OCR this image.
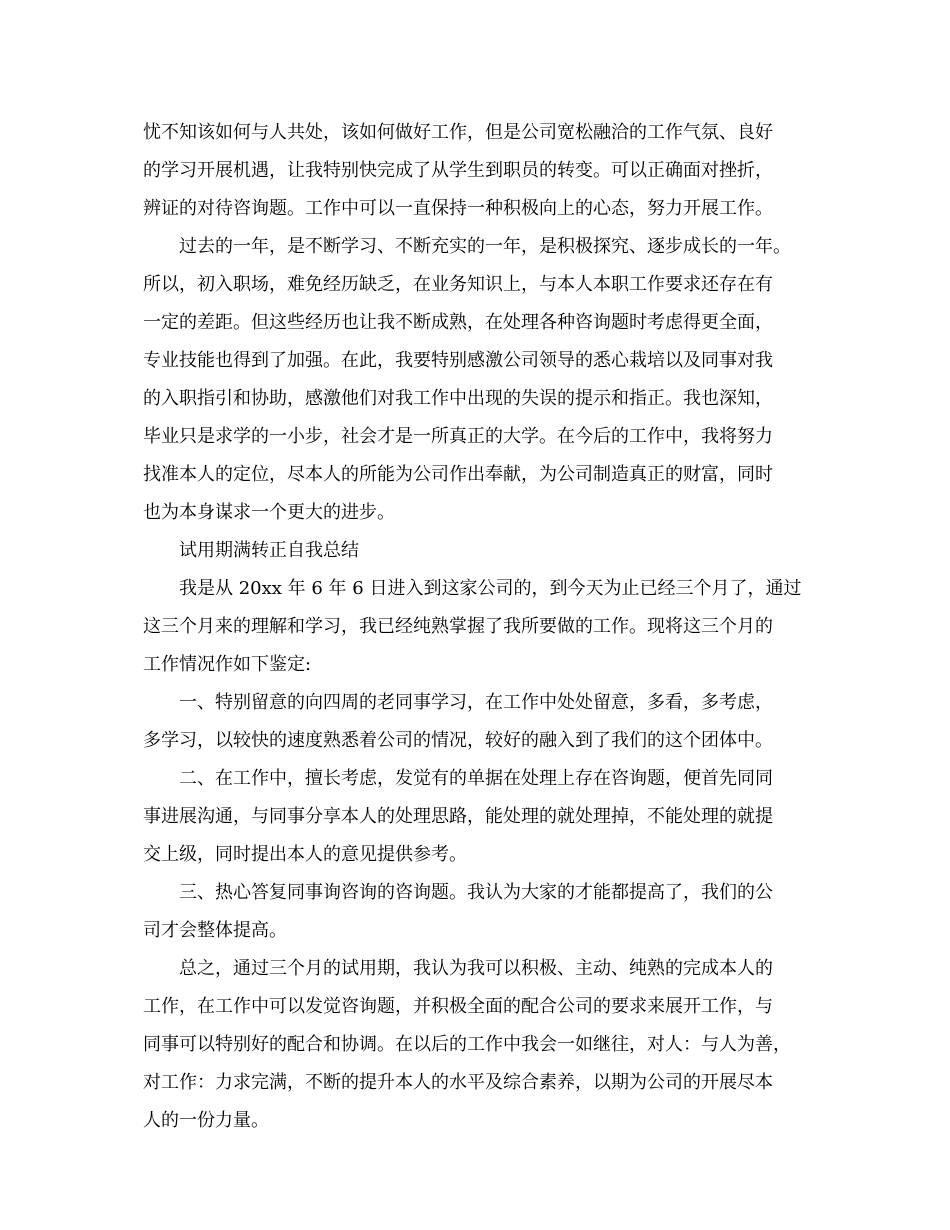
忧不知该如何与人共处，该如何做好工作，但是公司宽松融洽的工作气氛、良好
的学习开展机遇，让我特别快完成了从学生到职员的转变。可以正确面对挫折，
辨证的对待咨询题。工作中可以一直保持一种积极向上的心态，努力开展工作。
过去的一年，是不断学习、不断充实的一年，是积极探究、逐步成长的一年。
所以，初入职场，难免经历缺乏，在业务知识上，与本人本职工作要求还存在有
一定的差距。但这些经历也让我不断成熟，在处理各种咨询题时考虑得更全面，
专业技能也得到了加强。在此，我要特别感激公司领导的悉心栽培以及同事对我
的入职指引和协助，感激他们对我工作中出现的失误的提示和指正。我也深知，
毕业只是求学的一小步，社会才是一所真正的大学。在今后的工作中，我将努力
找准本人的定位，尽本人的所能为公司作出奉献，为公司制造真正的财富，同时
也为本身谋求一个更大的进步。
试用期满转正自我总结
我是从 20xx 年 6 年 6 日进入到这家公司的，到今天为止已经三个月了，通过
这三个月来的理解和学习，我已经纯熟掌握了我所要做的工作。现将这三个月的
工作情况作如下鉴定:
一、特别留意的向四周的老同事学习，在工作中处处留意，多看，多考虑，
多学习，以较快的速度熟悉着公司的情况，较好的融入到了我们的这个团体中。
二、在工作中，擅长考虑，发觉有的单据在处理上存在咨询题，便首先同同
事进展沟通，与同事分享本人的处理思路，能处理的就处理掉，不能处理的就提
交上级，同时提出本人的意见提供参考。
三、热心答复同事询咨询的咨询题。我认为大家的才能都提高了，我们的公
司才会整体提高。
总之，通过三个月的试用期，我认为我可以积极、主动、纯熟的完成本人的
工作，在工作中可以发觉咨询题，并积极全面的配合公司的要求来展开工作，与
同事可以特别好的配合和协调。在以后的工作中我会一如继往，对人：与人为善，
对工作：力求完满，不断的提升本人的水平及综合素养，以期为公司的开展尽本
人的一份力量。
